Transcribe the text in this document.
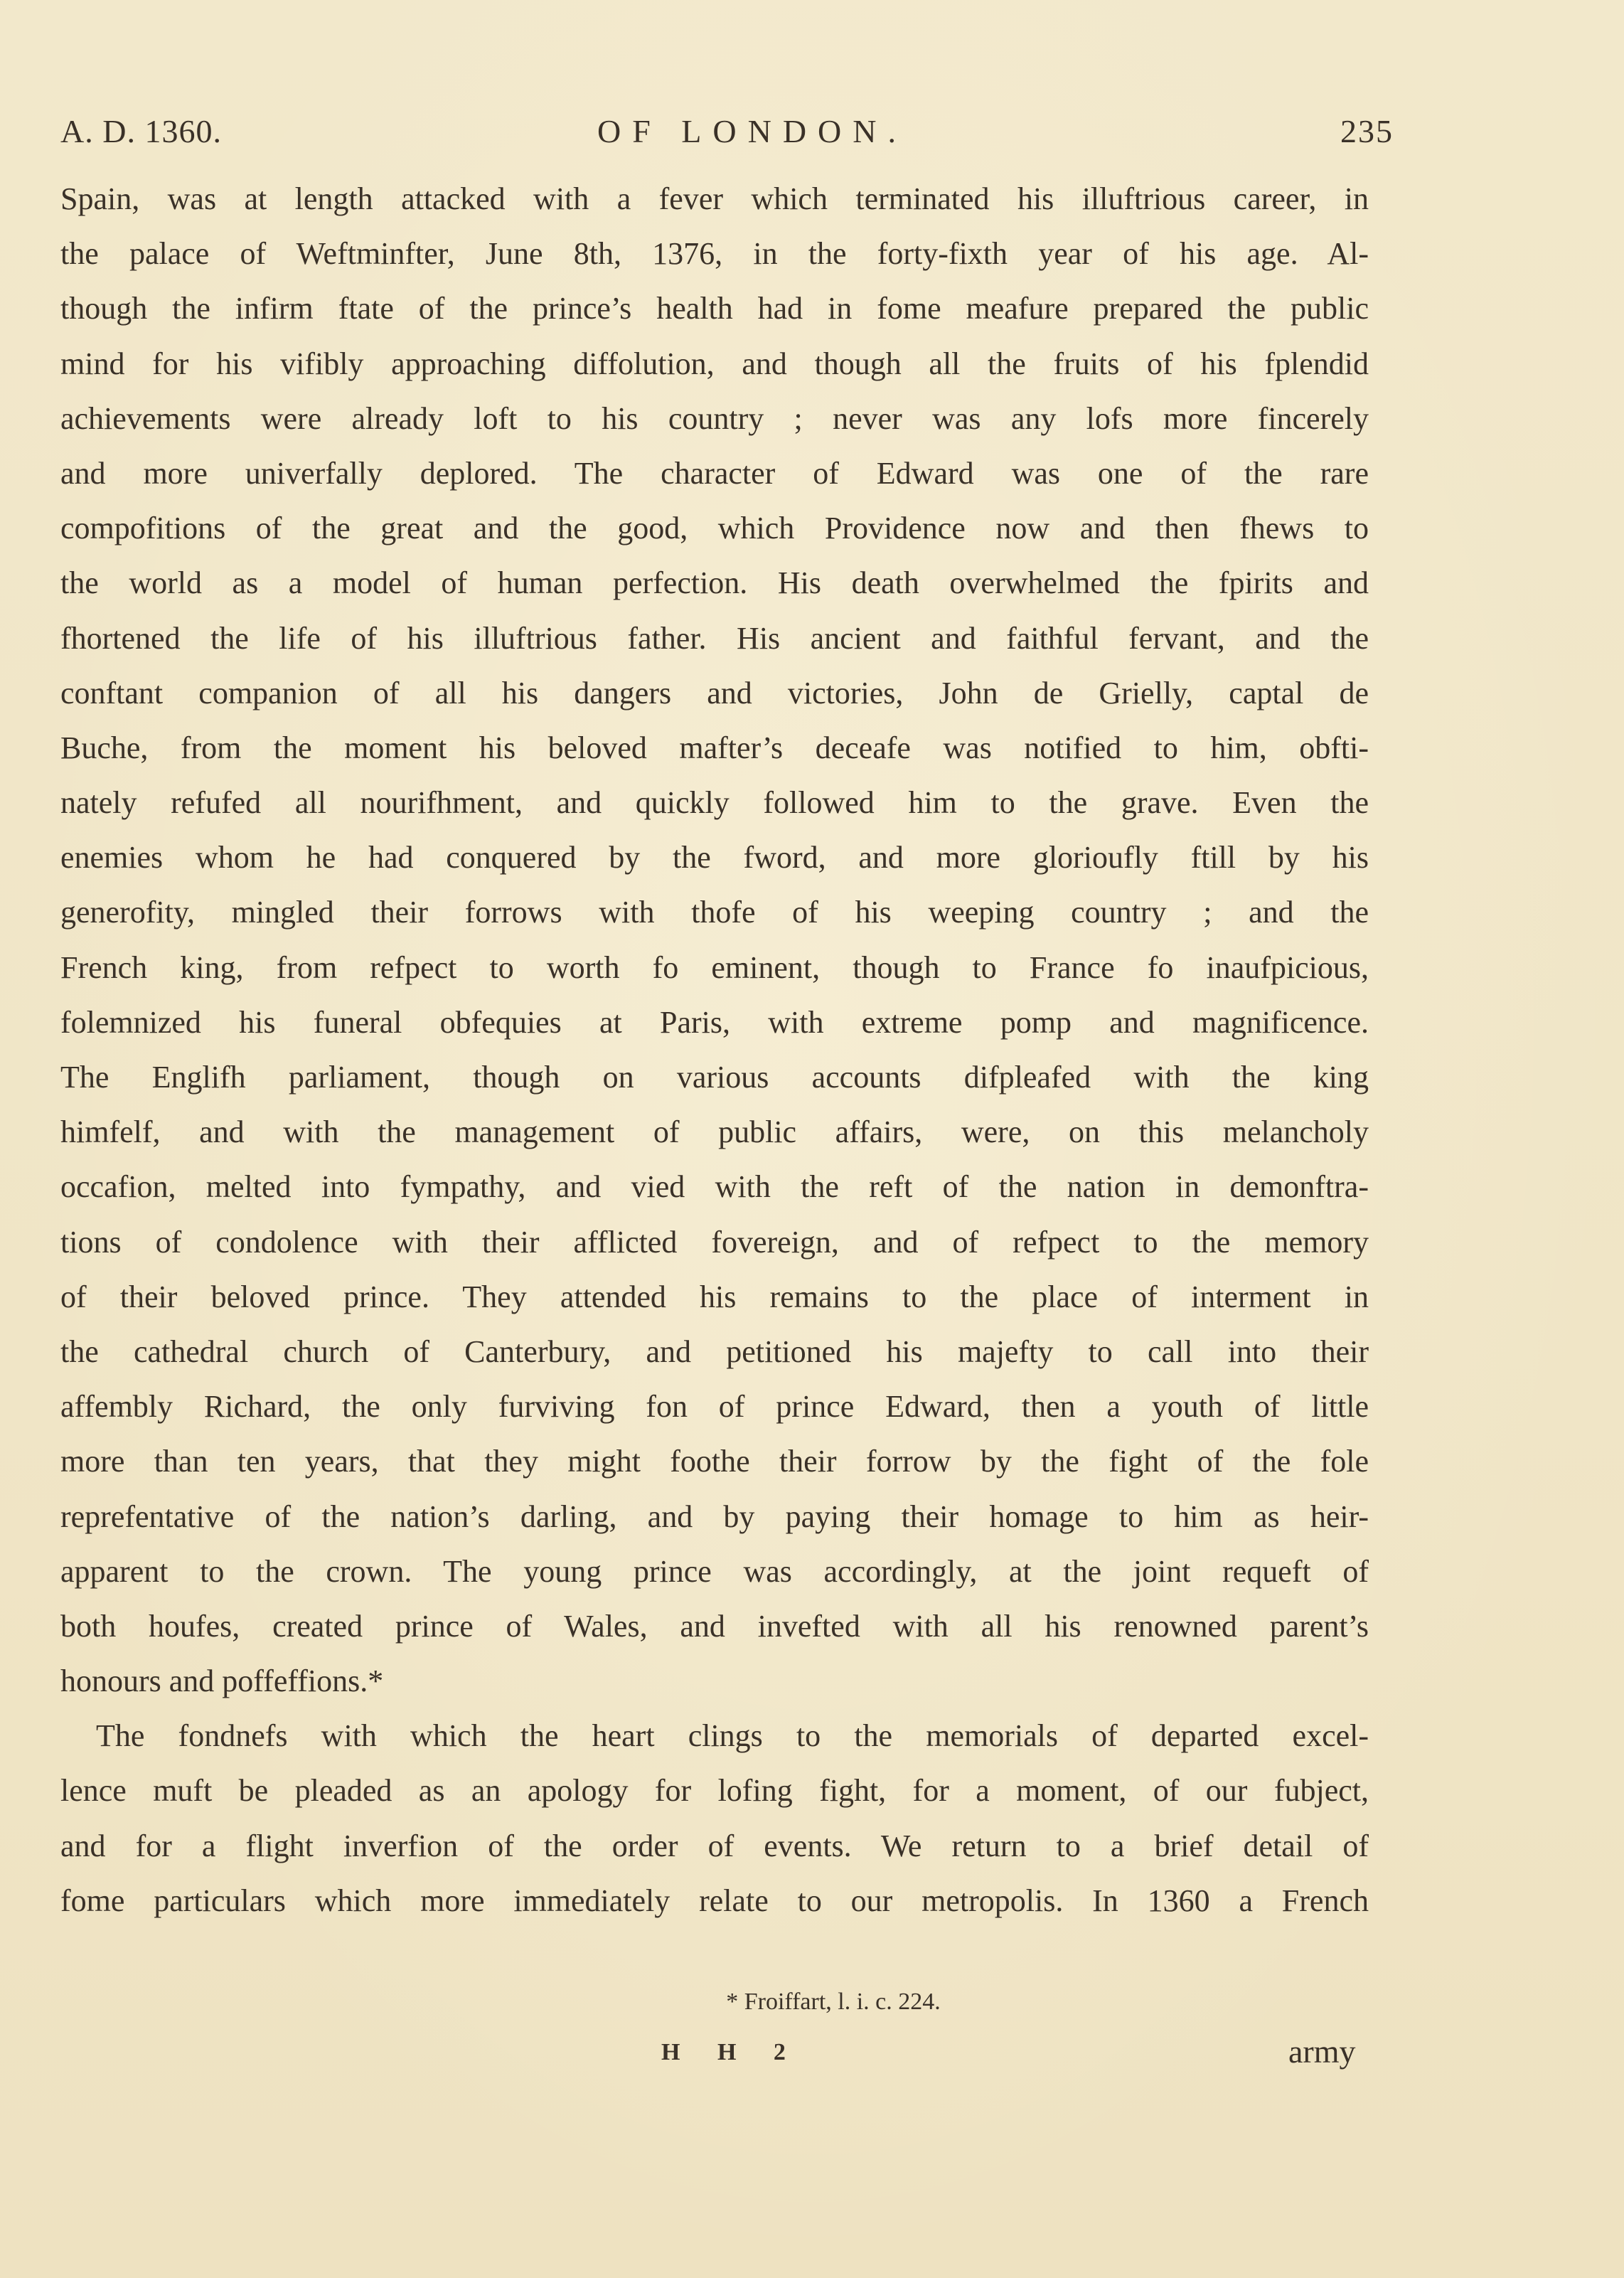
A. D. 1360.	OF LONDON.	235
Spain, was at length attacked with a fever which terminated his illuftrious career, in
the palace of Weftminfter, June 8th, 1376, in the forty-fixth year of his age. Al-
though the infirm ftate of the prince’s health had in fome meafure prepared the public
mind for his vifibly approaching diffolution, and though all the fruits of his fplendid
achievements were already loft to his country ; never was any lofs more fincerely
and more univerfally deplored. The character of Edward was one of the rare
compofitions of the great and the good, which Providence now and then fhews to
the world as a model of human perfection. His death overwhelmed the fpirits and
fhortened the life of his illuftrious father. His ancient and faithful fervant, and the
conftant companion of all his dangers and victories, John de Grielly, captal de
Buche, from the moment his beloved mafter’s deceafe was notified to him, obfti-
nately refufed all nourifhment, and quickly followed him to the grave. Even the
enemies whom he had conquered by the fword, and more glorioufly ftill by his
generofity, mingled their forrows with thofe of his weeping country ; and the
French king, from refpect to worth fo eminent, though to France fo inaufpicious,
folemnized his funeral obfequies at Paris, with extreme pomp and magnificence.
The Englifh parliament, though on various accounts difpleafed with the king
himfelf, and with the management of public affairs, were, on this melancholy
occafion, melted into fympathy, and vied with the reft of the nation in demonftra-
tions of condolence with their afflicted fovereign, and of refpect to the memory
of their beloved prince. They attended his remains to the place of interment in
the cathedral church of Canterbury, and petitioned his majefty to call into their
affembly Richard, the only furviving fon of prince Edward, then a youth of little
more than ten years, that they might foothe their forrow by the fight of the fole
reprefentative of the nation’s darling, and by paying their homage to him as heir-
apparent to the crown. The young prince was accordingly, at the joint requeft of
both houfes, created prince of Wales, and invefted with all his renowned parent’s
honours and poffeffions.*
The fondnefs with which the heart clings to the memorials of departed excel-
lence muft be pleaded as an apology for lofing fight, for a moment, of our fubject,
and for a flight inverfion of the order of events. We return to a brief detail of
fome particulars which more immediately relate to our metropolis. In 1360 a French
* Froiffart, l. i. c. 224.
H H 2	army
